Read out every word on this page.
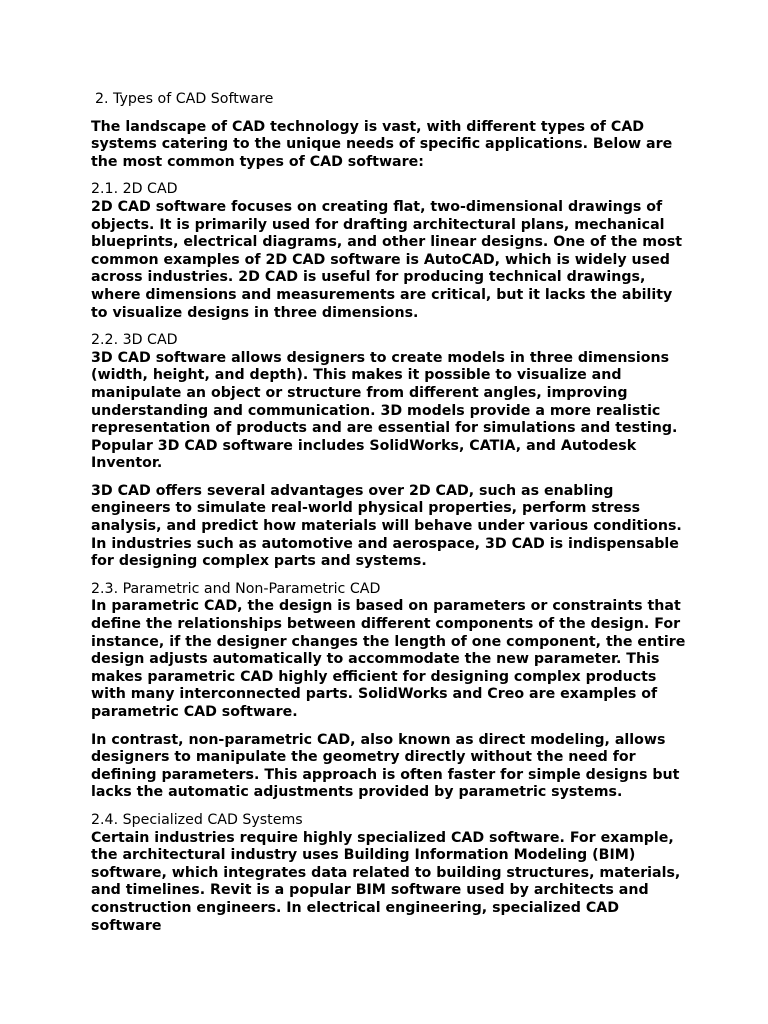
2. Types of CAD Software

The landscape of CAD technology is vast, with different types of CAD systems catering to the unique needs of specific applications. Below are the most common types of CAD software:

2.1. 2D CAD

2D CAD software focuses on creating flat, two-dimensional drawings of objects. It is primarily used for drafting architectural plans, mechanical blueprints, electrical diagrams, and other linear designs. One of the most common examples of 2D CAD software is AutoCAD, which is widely used across industries. 2D CAD is useful for producing technical drawings, where dimensions and measurements are critical, but it lacks the ability to visualize designs in three dimensions.

2.2. 3D CAD

3D CAD software allows designers to create models in three dimensions (width, height, and depth). This makes it possible to visualize and manipulate an object or structure from different angles, improving understanding and communication. 3D models provide a more realistic representation of products and are essential for simulations and testing. Popular 3D CAD software includes SolidWorks, CATIA, and Autodesk Inventor.

3D CAD offers several advantages over 2D CAD, such as enabling engineers to simulate real-world physical properties, perform stress analysis, and predict how materials will behave under various conditions. In industries such as automotive and aerospace, 3D CAD is indispensable for designing complex parts and systems.

2.3. Parametric and Non-Parametric CAD

In parametric CAD, the design is based on parameters or constraints that define the relationships between different components of the design. For instance, if the designer changes the length of one component, the entire design adjusts automatically to accommodate the new parameter. This makes parametric CAD highly efficient for designing complex products with many interconnected parts. SolidWorks and Creo are examples of parametric CAD software.

In contrast, non-parametric CAD, also known as direct modeling, allows designers to manipulate the geometry directly without the need for defining parameters. This approach is often faster for simple designs but lacks the automatic adjustments provided by parametric systems.

2.4. Specialized CAD Systems

Certain industries require highly specialized CAD software. For example, the architectural industry uses Building Information Modeling (BIM) software, which integrates data related to building structures, materials, and timelines. Revit is a popular BIM software used by architects and construction engineers. In electrical engineering, specialized CAD software
